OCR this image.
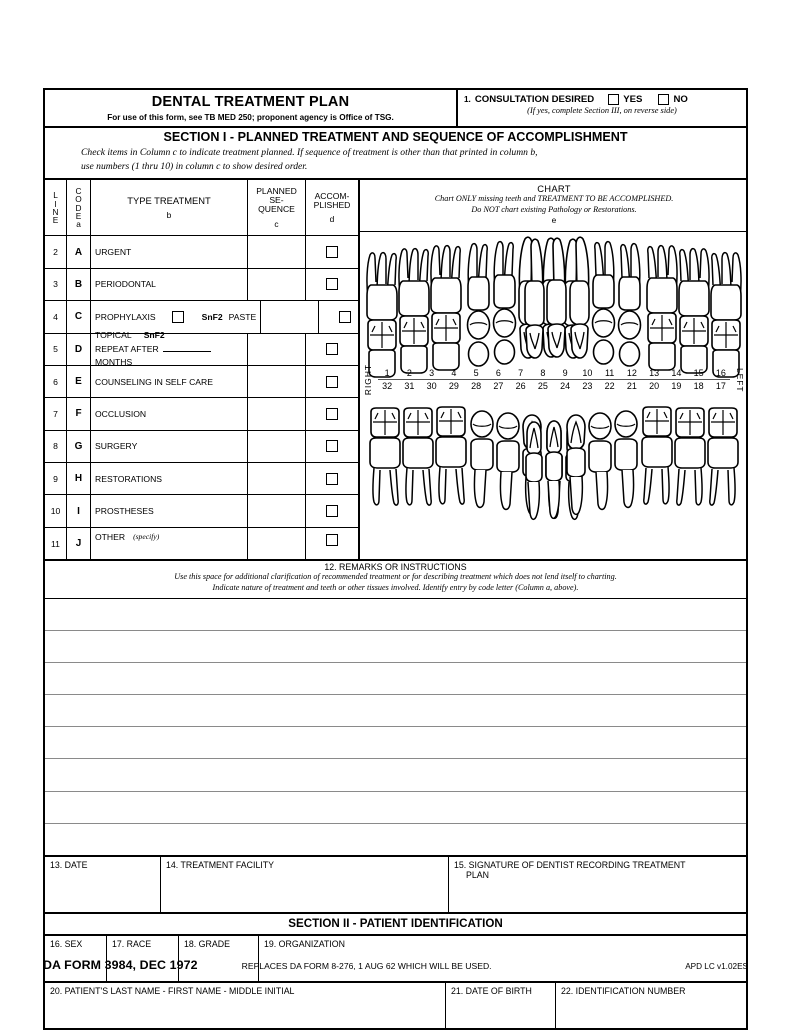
DENTAL TREATMENT PLAN
For use of this form, see TB MED 250; proponent agency is Office of TSG.
1. CONSULTATION DESIRED	YES	NO
(If yes, complete Section III, on reverse side)
SECTION I - PLANNED TREATMENT AND SEQUENCE OF ACCOMPLISHMENT
Check items in Column c to indicate treatment planned. If sequence of treatment is other than that printed in column b,
use numbers (1 thru 10) in column c to show desired order.
L
I
N
E
C
O
D
E
a
TYPE TREATMENT
b
PLANNED
SE-
QUENCE
c
ACCOM-
PLISHED
d
2	A	URGENT
3	B	PERIODONTAL
4	C	PROPHYLAXIS	SnF2 PASTE
5	D
TOPICAL SnF2
REPEAT AFTER  MONTHS
6	E	COUNSELING IN SELF CARE
7	F	OCCLUSION
8	G	SURGERY
9	H	RESTORATIONS
10	I	PROSTHESES
11	J
OTHER (specify)
CHART
Chart ONLY missing teeth and TREATMENT TO BE ACCOMPLISHED.
Do NOT chart existing Pathology or Restorations.
e
RIGHT	1	2	3	4	5	6	7	8	9	10	11	12	13	14	15	16
32	31	30	29	28	27	26	25	24	23	22	21	20	19	18	17	LEFT
12. REMARKS OR INSTRUCTIONS
Use this space for additional clarification of recommended treatment or for describing treatment which does not lend itself to charting.
Indicate nature of treatment and teeth or other tissues involved. Identify entry by code letter (Column a, above).
13. DATE	14. TREATMENT FACILITY	15. SIGNATURE OF DENTIST RECORDING TREATMENT
PLAN
SECTION II - PATIENT IDENTIFICATION
16. SEX	17. RACE	18. GRADE	19. ORGANIZATION
20. PATIENT'S LAST NAME - FIRST NAME - MIDDLE INITIAL	21. DATE OF BIRTH	22. IDENTIFICATION NUMBER
DA FORM 3984, DEC 1972	REPLACES DA FORM 8-276, 1 AUG 62 WHICH WILL BE USED.	APD LC v1.02ES
